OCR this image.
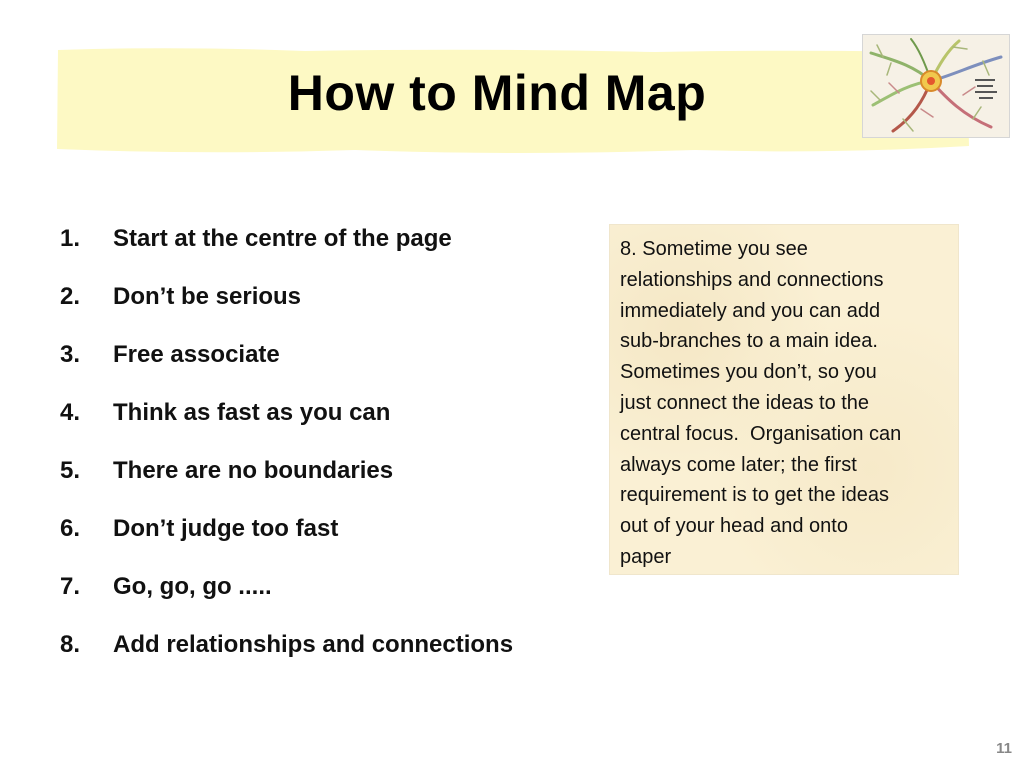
How to Mind Map
1.	Start at the centre of the page
2.	Don’t be serious
3.	Free associate
4.	Think as fast as you can
5.	There are no boundaries
6.	Don’t judge too fast
7.	Go, go, go .....
8.	Add relationships and connections
8. Sometime you see
relationships and connections
immediately and you can add
sub-branches to a main idea.
Sometimes you don’t, so you
just connect the ideas to the
central focus.  Organisation can
always come later; the first
requirement is to get the ideas
out of your head and onto
paper
11
